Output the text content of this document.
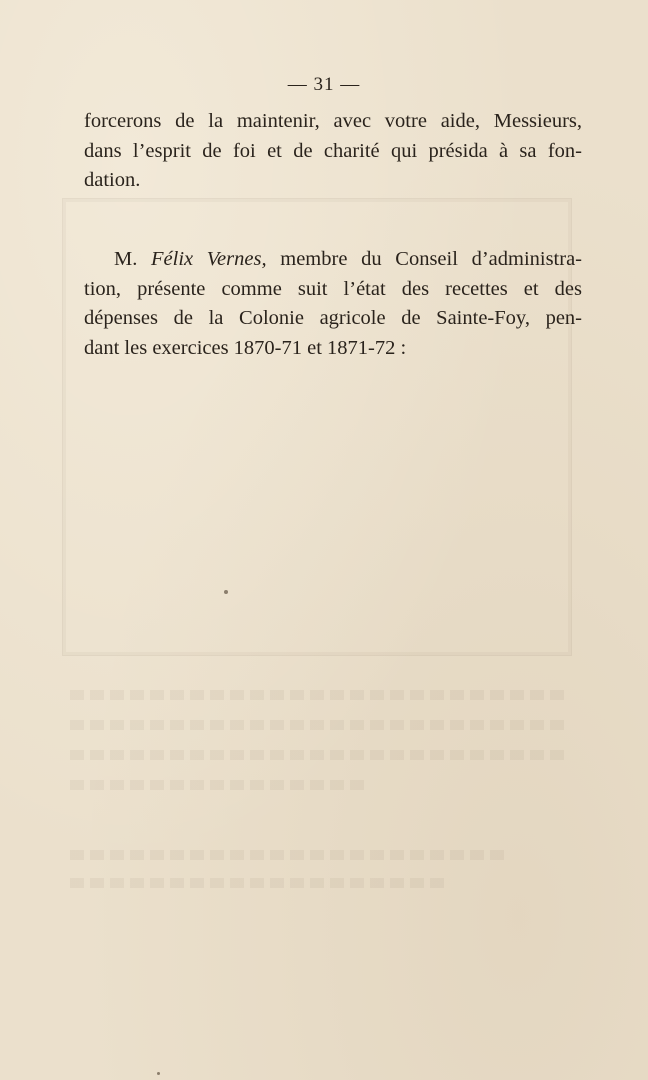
— 31 —
forcerons de la maintenir, avec votre aide, Messieurs,
dans l’esprit de foi et de charité qui présida à sa fon-
dation.
M. Félix Vernes, membre du Conseil d’administra-
tion, présente comme suit l’état des recettes et des
dépenses de la Colonie agricole de Sainte-Foy, pen-
dant les exercices 1870-71 et 1871-72 :
